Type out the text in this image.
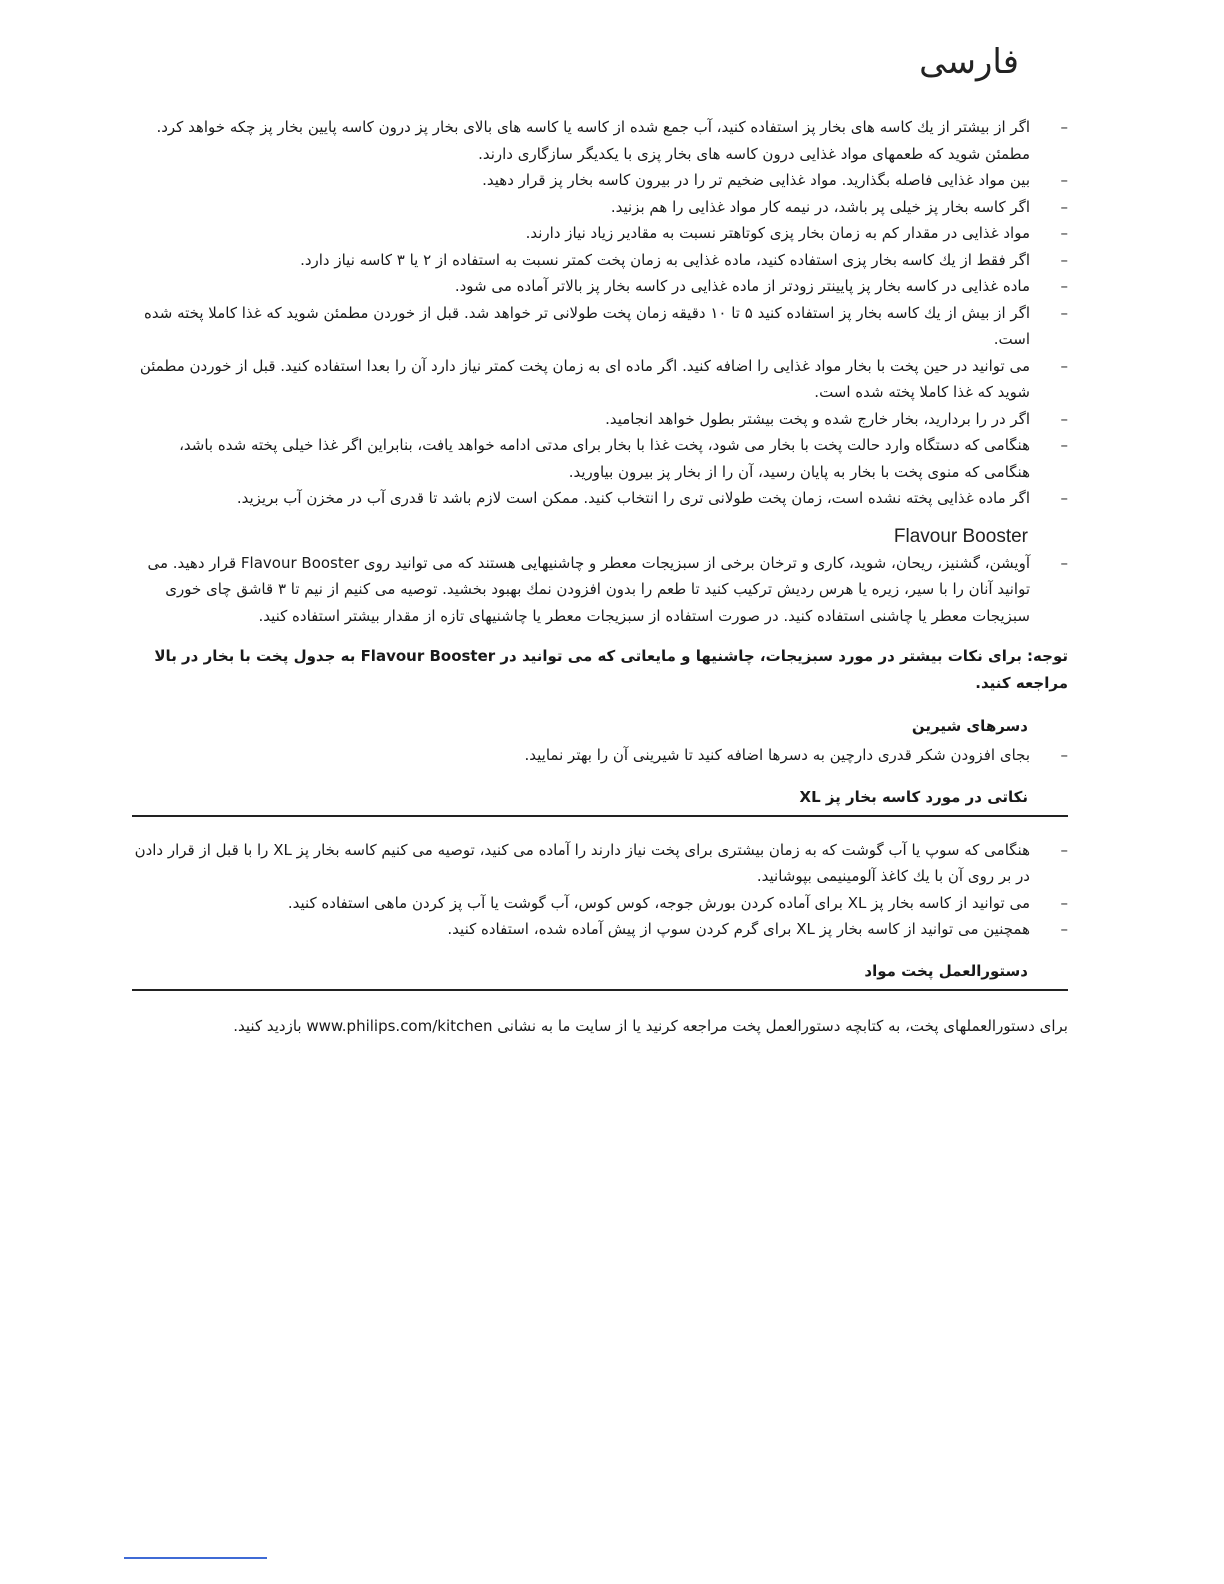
فارسی
– اگر از بیشتر از یك كاسه های بخار پز استفاده کنید، آب جمع شده از کاسه یا کاسه های بالای بخار پز درون کاسه پایین بخار پز چکه خواهد کرد. مطمئن شوید که طعمهای مواد غذایی درون کاسه های بخار پزی با یکدیگر سازگاری دارند.
– بین مواد غذایی فاصله بگذارید. مواد غذایی ضخیم تر را در بیرون کاسه بخار پز قرار دهید.
– اگر کاسه بخار پز خیلی پر باشد، در نیمه کار مواد غذایی را هم بزنید.
– مواد غذایی در مقدار کم به زمان بخار پزی کوتاهتر نسبت به مقادیر زیاد نیاز دارند.
– اگر فقط از یك كاسه بخار پزی استفاده کنید، ماده غذایی به زمان پخت کمتر نسبت به استفاده از ۲ یا ۳ کاسه نیاز دارد.
– ماده غذایی در کاسه بخار پز پایینتر زودتر از ماده غذایی در کاسه بخار پز بالاتر آماده می شود.
– اگر از بیش از یك كاسه بخار پز استفاده کنید ۵ تا ۱۰ دقیقه زمان پخت طولانی تر خواهد شد. قبل از خوردن مطمئن شوید که غذا کاملا پخته شده است.
– می توانید در حین پخت با بخار مواد غذایی را اضافه کنید. اگر ماده ای به زمان پخت کمتر نیاز دارد آن را بعدا استفاده کنید. قبل از خوردن مطمئن شوید که غذا کاملا پخته شده است.
– اگر در را بردارید، بخار خارج شده و پخت بیشتر بطول خواهد انجامید.
– هنگامی که دستگاه وارد حالت پخت با بخار می شود، پخت غذا با بخار برای مدتی ادامه خواهد یافت، بنابراین اگر غذا خیلی پخته شده باشد، هنگامی که منوی پخت با بخار به پایان رسید، آن را از بخار پز بیرون بیاورید.
– اگر ماده غذایی پخته نشده است، زمان پخت طولانی تری را انتخاب کنید. ممکن است لازم باشد تا قدری آب در مخزن آب بریزید.
Flavour Booster
– آویشن، گشنیز، ریحان، شوید، کاری و ترخان برخی از سبزیجات معطر و چاشنیهایی هستند که می توانید روی Flavour Booster قرار دهید. می توانید آنان را با سیر، زیره یا هرس ردیش ترکیب کنید تا طعم را بدون افزودن نمك بهبود بخشید. توصیه می کنیم از نیم تا ۳ قاشق چای خوری سبزیجات معطر یا چاشنی استفاده کنید. در صورت استفاده از سبزیجات معطر یا چاشنیهای تازه از مقدار بیشتر استفاده کنید.
توجه: برای نکات بیشتر در مورد سبزیجات، چاشنیها و مایعاتی که می توانید در Flavour Booster به جدول پخت با بخار در بالا مراجعه کنید.
دسرهای شیرین
– بجای افزودن شکر قدری دارچین به دسرها اضافه کنید تا شیرینی آن را بهتر نمایید.
نکاتی در مورد کاسه بخار پز XL
– هنگامی که سوپ یا آب گوشت که به زمان بیشتری برای پخت نیاز دارند را آماده می کنید، توصیه می کنیم کاسه بخار پز XL را با قبل از قرار دادن در بر روی آن با یك كاغذ آلومینیمی بپوشانید.
– می توانید از کاسه بخار پز XL برای آماده کردن بورش جوجه، کوس کوس، آب گوشت یا آب پز کردن ماهی استفاده کنید.
– همچنین می توانید از کاسه بخار پز XL برای گرم کردن سوپ از پیش آماده شده، استفاده کنید.
دستورالعمل پخت مواد
برای دستورالعملهای پخت، به کتابچه دستورالعمل پخت مراجعه کرنید یا از سایت ما به نشانی www.philips.com/kitchen بازدید کنید.
